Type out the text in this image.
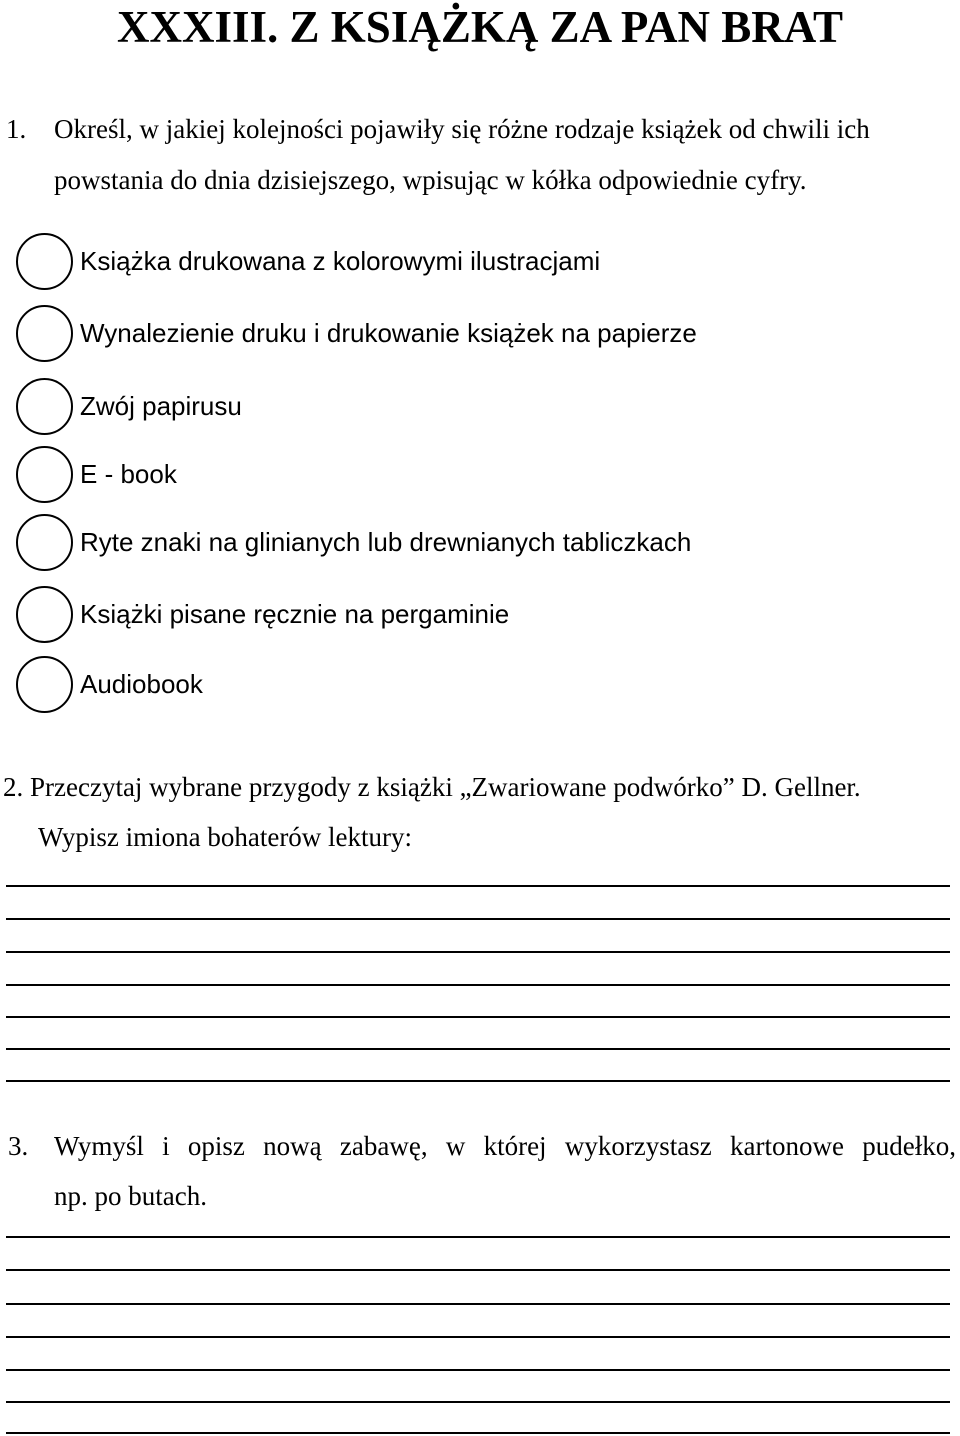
XXXIII. Z KSIĄŻKĄ ZA PAN BRAT
1. Określ, w jakiej kolejności pojawiły się różne rodzaje książek od chwili ich
powstania do dnia dzisiejszego, wpisując w kółka odpowiednie cyfry.
Książka drukowana z kolorowymi ilustracjami
Wynalezienie druku i drukowanie książek na papierze
Zwój papirusu
E - book
Ryte znaki na glinianych lub drewnianych tabliczkach
Książki pisane ręcznie na pergaminie
Audiobook
2. Przeczytaj wybrane przygody z książki „Zwariowane podwórko” D. Gellner.
Wypisz imiona bohaterów lektury:
3. Wymyśl i opisz nową zabawę, w której wykorzystasz kartonowe pudełko,
np. po butach.
